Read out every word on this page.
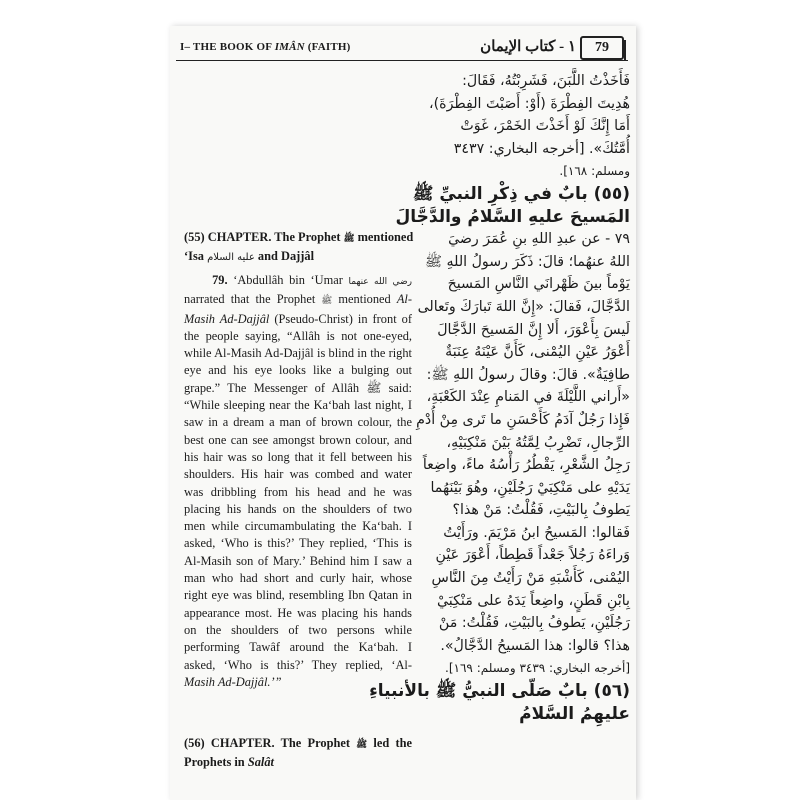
I– THE BOOK OF IMÂN (FAITH)	١ - كتاب الإيمان	79

فَأَخَذْتُ اللَّبَنَ، فَشَرِبْتُهُ، فَقَالَ:

هُدِيتَ الفِطْرَةَ (أَوْ: أَصَبْتَ الفِطْرَةَ)،

أَمَا إِنَّكَ لَوْ أَخَذْتَ الخَمْرَ، غَوَتْ

أُمَّتُكَ». [أخرجه البخاري: ٣٤٣٧

ومسلم: ١٦٨].

(٥٥) بابٌ في ذِكْرِ النبيِّ ﷺ

المَسيحَ عليهِ السَّلامُ والدَّجَّالَ

٧٩ - عن عبدِ اللهِ بنِ عُمَرَ رضيَ

اللهُ عنهُما؛ قالَ: ذَكَرَ رسولُ اللهِ ﷺ

يَوْماً بينَ ظَهْرانَي النَّاسِ المَسيحَ

الدَّجَّالَ، فَقالَ: «إِنَّ اللهَ تَبارَكَ وتَعالى

لَيسَ بِأَعْوَرَ، أَلا إِنَّ المَسيحَ الدَّجَّالَ

أَعْوَرُ عَيْنِ اليُمْنى، كَأَنَّ عَيْنَهُ عِنَبَةٌ

طافِيَةٌ». قالَ: وقالَ رسولُ اللهِ ﷺ:

«أَراني اللَّيْلَةَ في المَنامِ عِنْدَ الكَعْبَةِ،

فَإِذا رَجُلٌ آدَمُ كَأَحْسَنِ ما تَرى مِنْ أُدْمِ

الرِّجالِ، تَضْرِبُ لِمَّتُهُ بَيْنَ مَنْكِبَيْهِ،

رَجِلُ الشَّعْرِ، يَقْطُرُ رَأْسُهُ ماءً، واضِعاً

يَدَيْهِ على مَنْكِبَيْ رَجُلَيْنِ، وهُوَ بَيْنَهُما

يَطوفُ بِالبَيْتِ، فَقُلْتُ: مَنْ هذا؟

فَقالوا: المَسيحُ ابنُ مَرْيَمَ. ورَأَيْتُ

وَراءَهُ رَجُلاً جَعْداً قَطِطاً، أَعْوَرَ عَيْنِ

اليُمْنى، كَأَشْبَهِ مَنْ رَأَيْتُ مِنَ النَّاسِ

بِابْنِ قَطَنٍ، واضِعاً يَدَهُ على مَنْكِبَيْ

رَجُلَيْنِ، يَطوفُ بِالبَيْتِ، فَقُلْتُ: مَنْ

هذا؟ قالوا: هذا المَسيحُ الدَّجَّالُ».

[أخرجه البخاري: ٣٤٣٩ ومسلم: ١٦٩].

(٥٦) بابٌ صَلّى النبيُّ ﷺ بالأنبياءِ

عليهِمُ السَّلامُ

(55) CHAPTER. The Prophet ﷺ mentioned

‘Isa عليه السلام and Dajjâl

79. ‘Abdullâh bin ‘Umar رضي الله عنهما

narrated that the Prophet ﷺ mentioned Al-

Masih Ad-Dajjâl (Pseudo-Christ) in front of

the people saying, “Allâh is not one-eyed,

while Al-Masih Ad-Dajjâl is blind in the right

eye and his eye looks like a bulging out

grape.” The Messenger of Allâh ﷺ said:

“While sleeping near the Ka‘bah last night, I

saw in a dream a man of brown colour, the

best one can see amongst brown colour, and

his hair was so long that it fell between his

shoulders. His hair was combed and water

was dribbling from his head and he was

placing his hands on the shoulders of two

men while circumambulating the Ka‘bah. I

asked, ‘Who is this?’ They replied, ‘This is

Al-Masih son of Mary.’ Behind him I saw a

man who had short and curly hair, whose

right eye was blind, resembling Ibn Qatan in

appearance most. He was placing his hands

on the shoulders of two persons while

performing Tawâf around the Ka‘bah. I

asked, ‘Who is this?’ They replied, ‘Al-

Masih Ad-Dajjâl.’”

(56) CHAPTER. The Prophet ﷺ led the

Prophets in Salât
